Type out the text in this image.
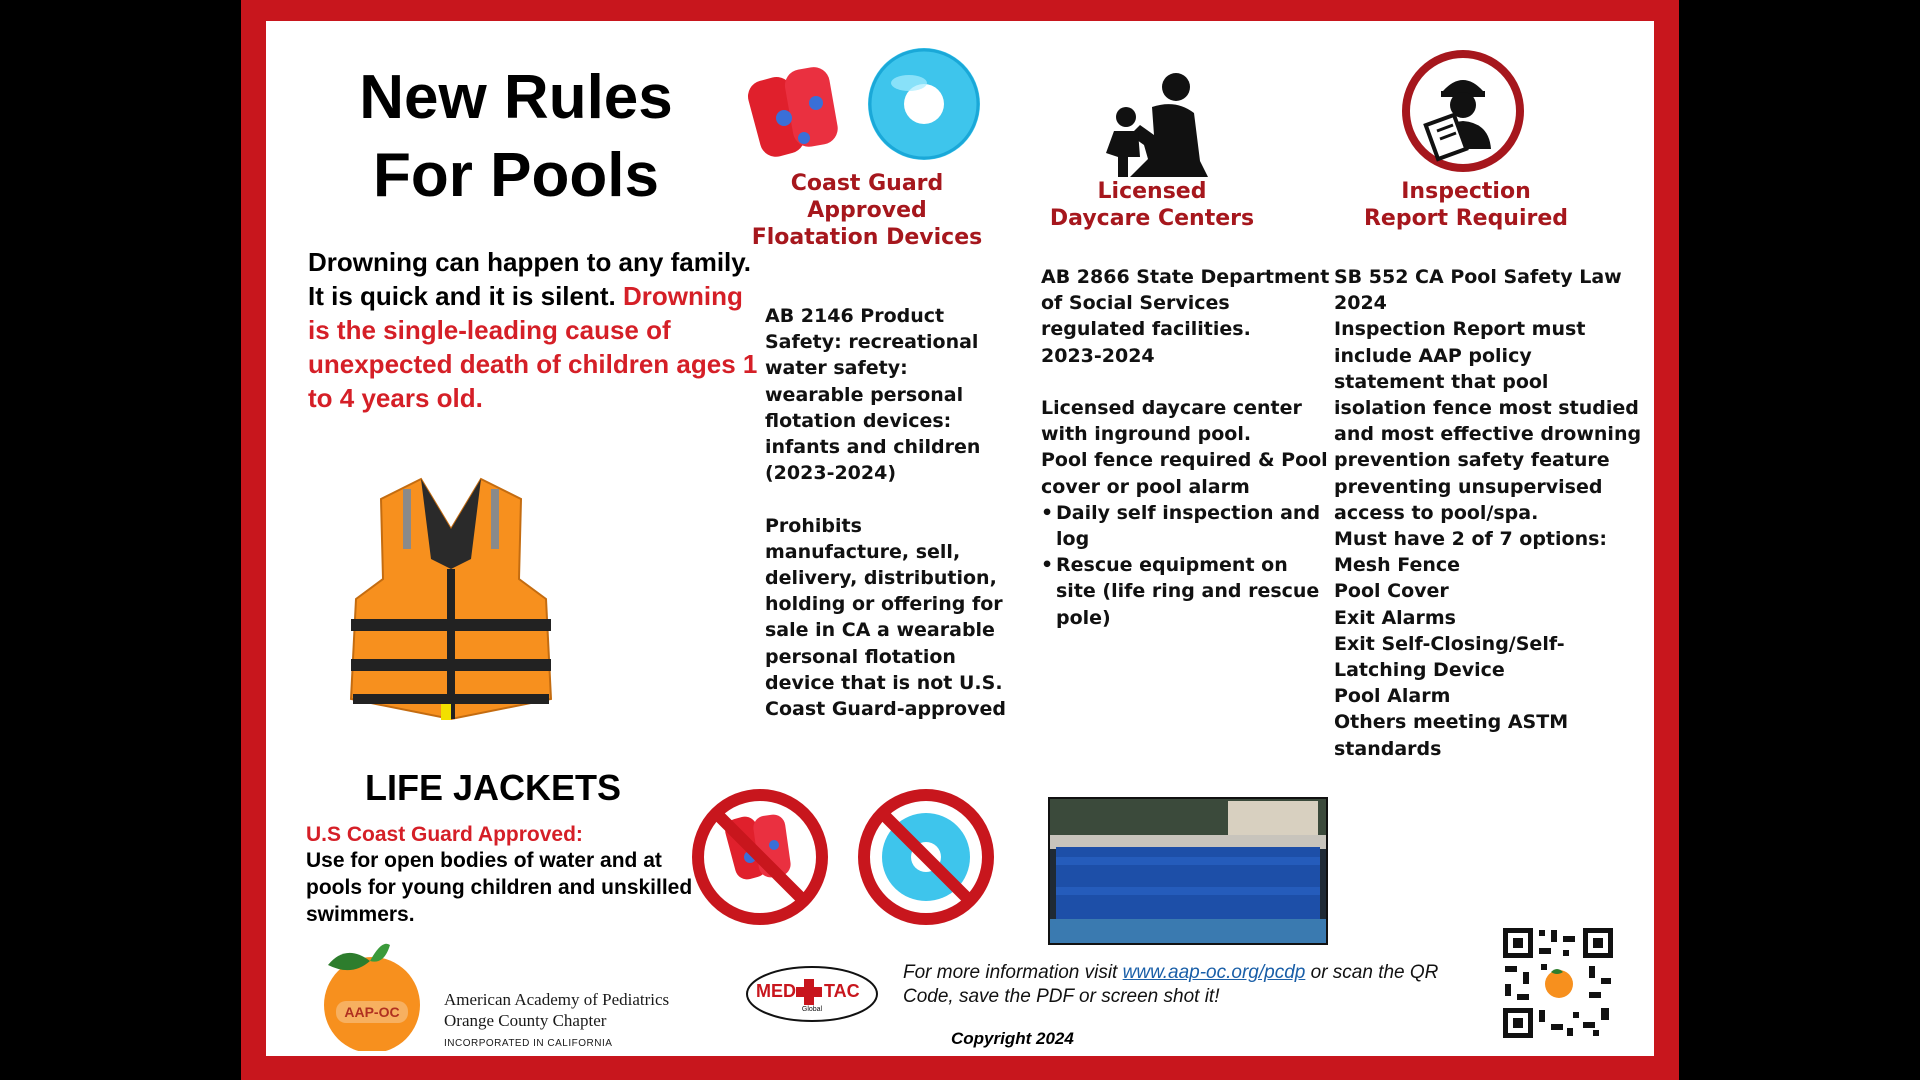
New Rules
For Pools
Drowning can happen to any family. It is quick and it is silent. Drowning is the single-leading cause of unexpected death of children ages 1 to 4 years old.
LIFE JACKETS
U.S Coast Guard Approved:
Use for open bodies of water and at pools for young children and unskilled swimmers.
Coast Guard
Approved
Floatation Devices
Licensed
Daycare Centers
Inspection
Report Required
AB 2146 Product Safety: recreational water safety: wearable personal flotation devices: infants and children (2023-2024)

Prohibits manufacture, sell, delivery, distribution, holding or offering for sale in CA a wearable personal flotation device that is not U.S. Coast Guard-approved
AB 2866 State Department of Social Services regulated facilities.
2023-2024

Licensed daycare center with inground pool.
Pool fence required & Pool cover or pool alarm
• Daily self inspection and log
• Rescue equipment on site (life ring and rescue pole)
SB 552 CA Pool Safety Law 2024
Inspection Report must include AAP policy statement that pool isolation fence most studied and most effective drowning prevention safety feature preventing unsupervised access to pool/spa.
Must have 2 of 7 options:
Mesh Fence
Pool Cover
Exit Alarms
Exit Self-Closing/Self-Latching Device
Pool Alarm
Others meeting ASTM standards
AAP-OC
American Academy of Pediatrics
Orange County Chapter
INCORPORATED IN CALIFORNIA
MED TAC
Global
For more information visit www.aap-oc.org/pcdp or scan the QR Code, save the PDF or screen shot it!
Copyright 2024
